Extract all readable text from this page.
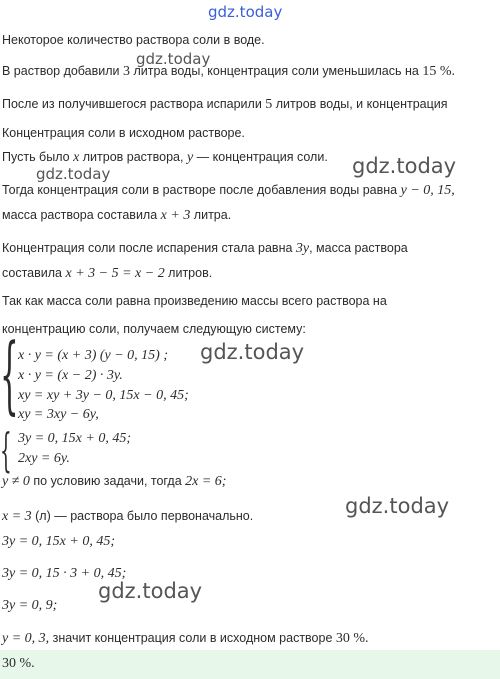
gdz.today
Некоторое количество раствора соли в воде.
В раствор добавили 3 литра воды, концентрация соли уменьшилась на 15 %.
gdz.today
После из получившегося раствора испарили 5 литров воды, и концентрация
Концентрация соли в исходном растворе.
Пусть было x литров раствора, y — концентрация соли. gdz.today
gdz.today
Тогда концентрация соли в растворе после добавления воды равна y − 0, 15,
масса раствора составила x + 3 литра.
Концентрация соли после испарения стала равна 3y, масса раствора
составила x + 3 − 5 = x − 2 литров.
Так как масса соли равна произведению массы всего раствора на
концентрацию соли, получаем следующую систему:
{ x · y = (x + 3) (y − 0, 15) ;
x · y = (x − 2) · 3y.
xy = xy + 3y − 0, 15x − 0, 45;
xy = 3xy − 6y,
gdz.today
{ 3y = 0, 15x + 0, 45;
2xy = 6y.
y ≠ 0 по условию задачи, тогда 2x = 6;
gdz.today
x = 3 (л) — раствора было первоначально.
3y = 0, 15x + 0, 45;
3y = 0, 15 · 3 + 0, 45;
gdz.today
3y = 0, 9;
y = 0, 3, значит концентрация соли в исходном растворе 30 %.
30 %.
